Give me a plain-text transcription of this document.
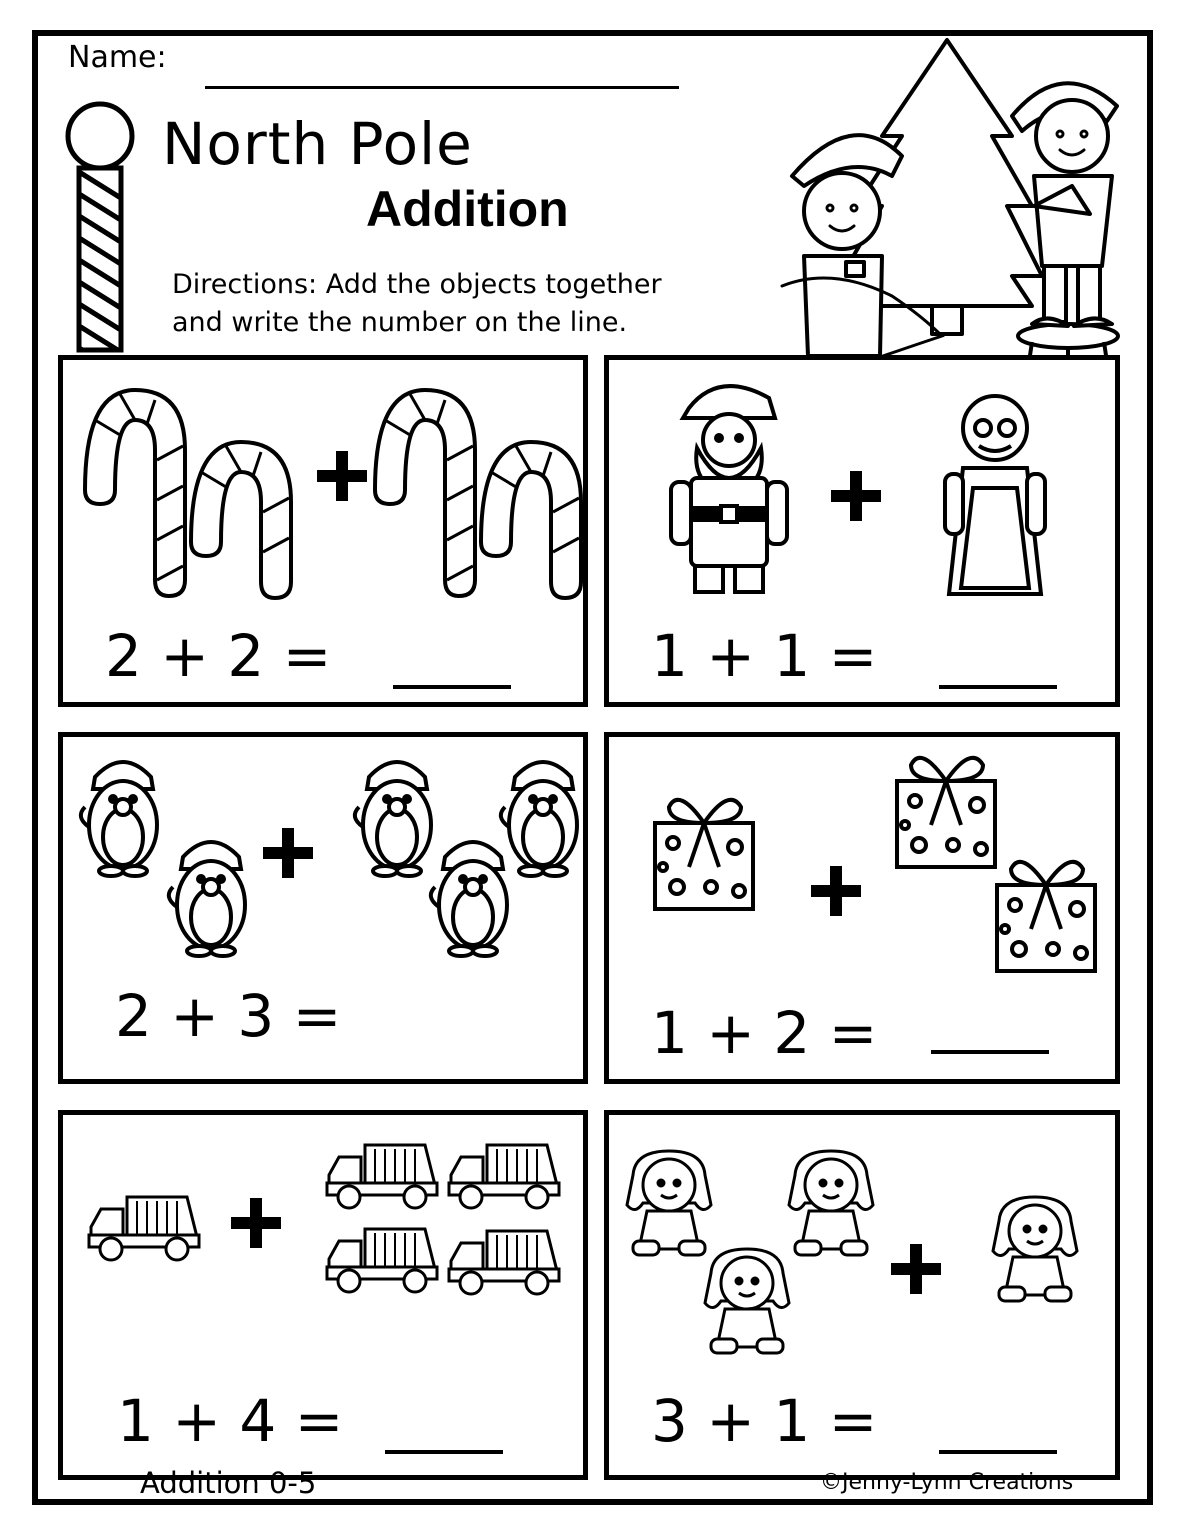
Name:
North Pole
Addition
Directions: Add the objects together
and write the number on the line.
2 + 2 =	1 + 1 =
2 + 3 =	1 + 2 =
1 + 4 =	3 + 1 =
Addition 0-5	©Jenny-Lynn Creations
